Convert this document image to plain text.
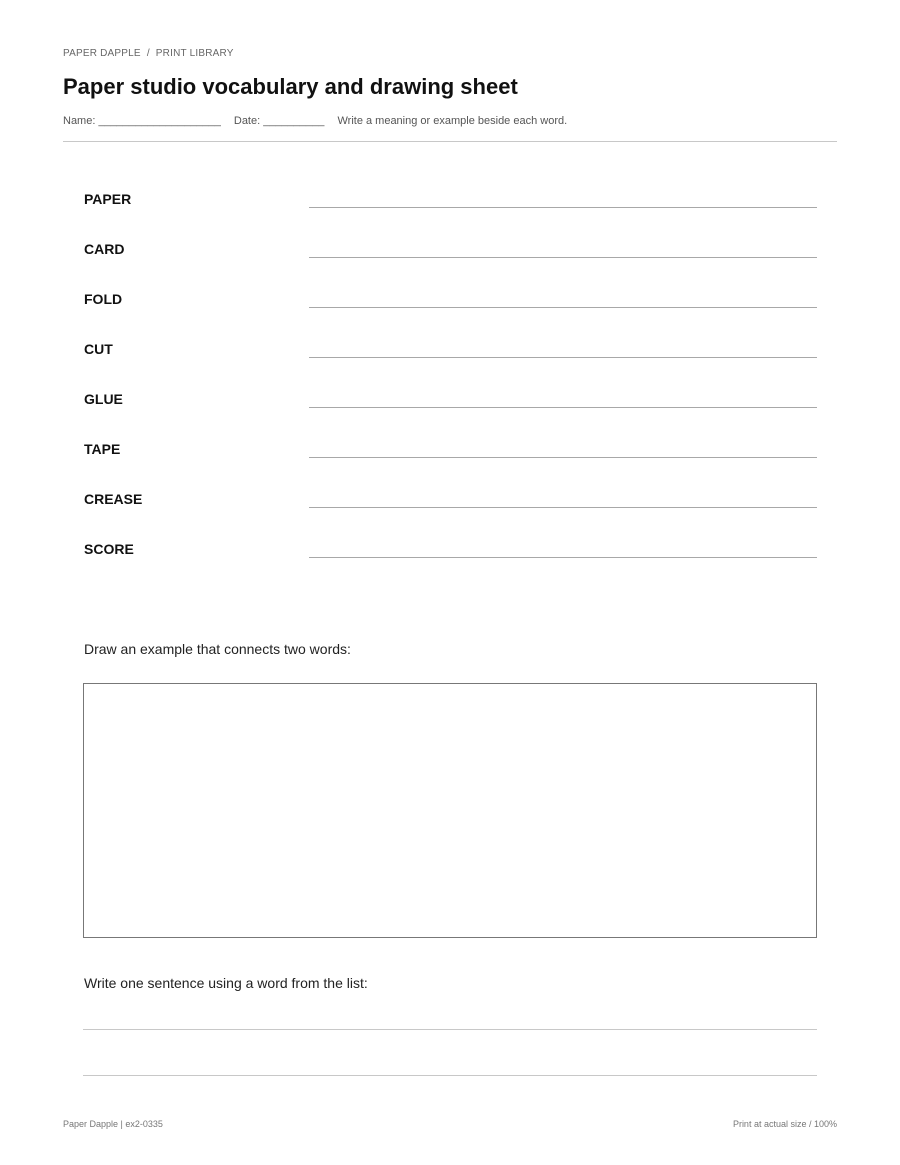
PAPER DAPPLE / PRINT LIBRARY
Paper studio vocabulary and drawing sheet
Name: ____________________ Date: __________ Write a meaning or example beside each word.
PAPER
CARD
FOLD
CUT
GLUE
TAPE
CREASE
SCORE
Draw an example that connects two words:
Write one sentence using a word from the list:
Paper Dapple | ex2-0335	Print at actual size / 100%
